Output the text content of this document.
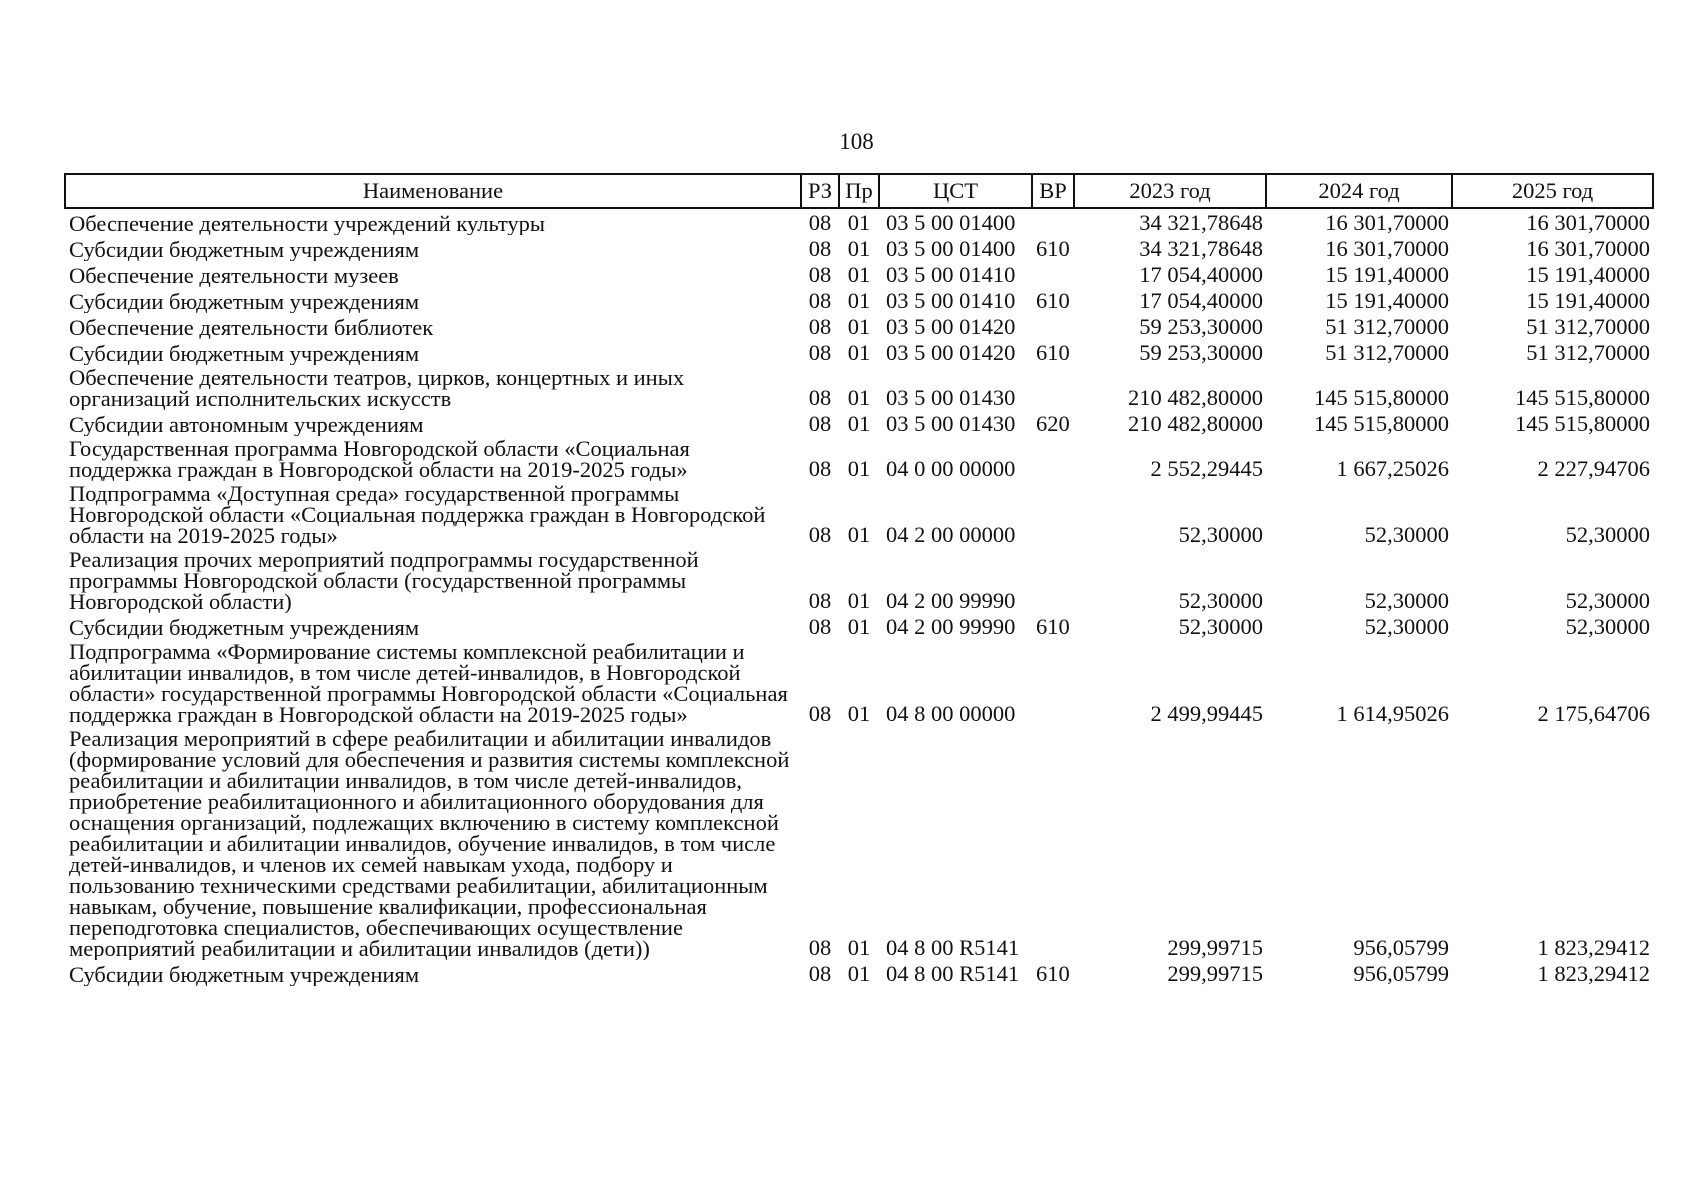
108
Наименование	РЗ	Пр	ЦСТ	ВР	2023 год	2024 год	2025 год
Обеспечение деятельности учреждений культуры	08	01	03 5 00 01400		34 321,78648	16 301,70000	16 301,70000
Субсидии бюджетным учреждениям	08	01	03 5 00 01400	610	34 321,78648	16 301,70000	16 301,70000
Обеспечение деятельности музеев	08	01	03 5 00 01410		17 054,40000	15 191,40000	15 191,40000
Субсидии бюджетным учреждениям	08	01	03 5 00 01410	610	17 054,40000	15 191,40000	15 191,40000
Обеспечение деятельности библиотек	08	01	03 5 00 01420		59 253,30000	51 312,70000	51 312,70000
Субсидии бюджетным учреждениям	08	01	03 5 00 01420	610	59 253,30000	51 312,70000	51 312,70000
Обеспечение деятельности театров, цирков, концертных и иных организаций исполнительских искусств	08	01	03 5 00 01430		210 482,80000	145 515,80000	145 515,80000
Субсидии автономным учреждениям	08	01	03 5 00 01430	620	210 482,80000	145 515,80000	145 515,80000
Государственная программа Новгородской области «Социальная поддержка граждан в Новгородской области на 2019-2025 годы»	08	01	04 0 00 00000		2 552,29445	1 667,25026	2 227,94706
Подпрограмма «Доступная среда» государственной программы Новгородской области «Социальная поддержка граждан в Новгородской области на 2019-2025 годы»	08	01	04 2 00 00000		52,30000	52,30000	52,30000
Реализация прочих мероприятий подпрограммы государственной программы Новгородской области (государственной программы Новгородской области)	08	01	04 2 00 99990		52,30000	52,30000	52,30000
Субсидии бюджетным учреждениям	08	01	04 2 00 99990	610	52,30000	52,30000	52,30000
Подпрограмма «Формирование системы комплексной реабилитации и абилитации инвалидов, в том числе детей-инвалидов, в Новгородской области» государственной программы Новгородской области «Социальная поддержка граждан в Новгородской области на 2019-2025 годы»	08	01	04 8 00 00000		2 499,99445	1 614,95026	2 175,64706
Реализация мероприятий в сфере реабилитации и абилитации инвалидов (формирование условий для обеспечения и развития системы комплексной реабилитации и абилитации инвалидов, в том числе детей-инвалидов, приобретение реабилитационного и абилитационного оборудования для оснащения организаций, подлежащих включению в систему комплексной реабилитации и абилитации инвалидов, обучение инвалидов, в том числе детей-инвалидов, и членов их семей навыкам ухода, подбору и пользованию техническими средствами реабилитации, абилитационным навыкам, обучение, повышение квалификации, профессиональная переподготовка специалистов, обеспечивающих осуществление мероприятий реабилитации и абилитации инвалидов (дети))	08	01	04 8 00 R5141		299,99715	956,05799	1 823,29412
Субсидии бюджетным учреждениям	08	01	04 8 00 R5141	610	299,99715	956,05799	1 823,29412
